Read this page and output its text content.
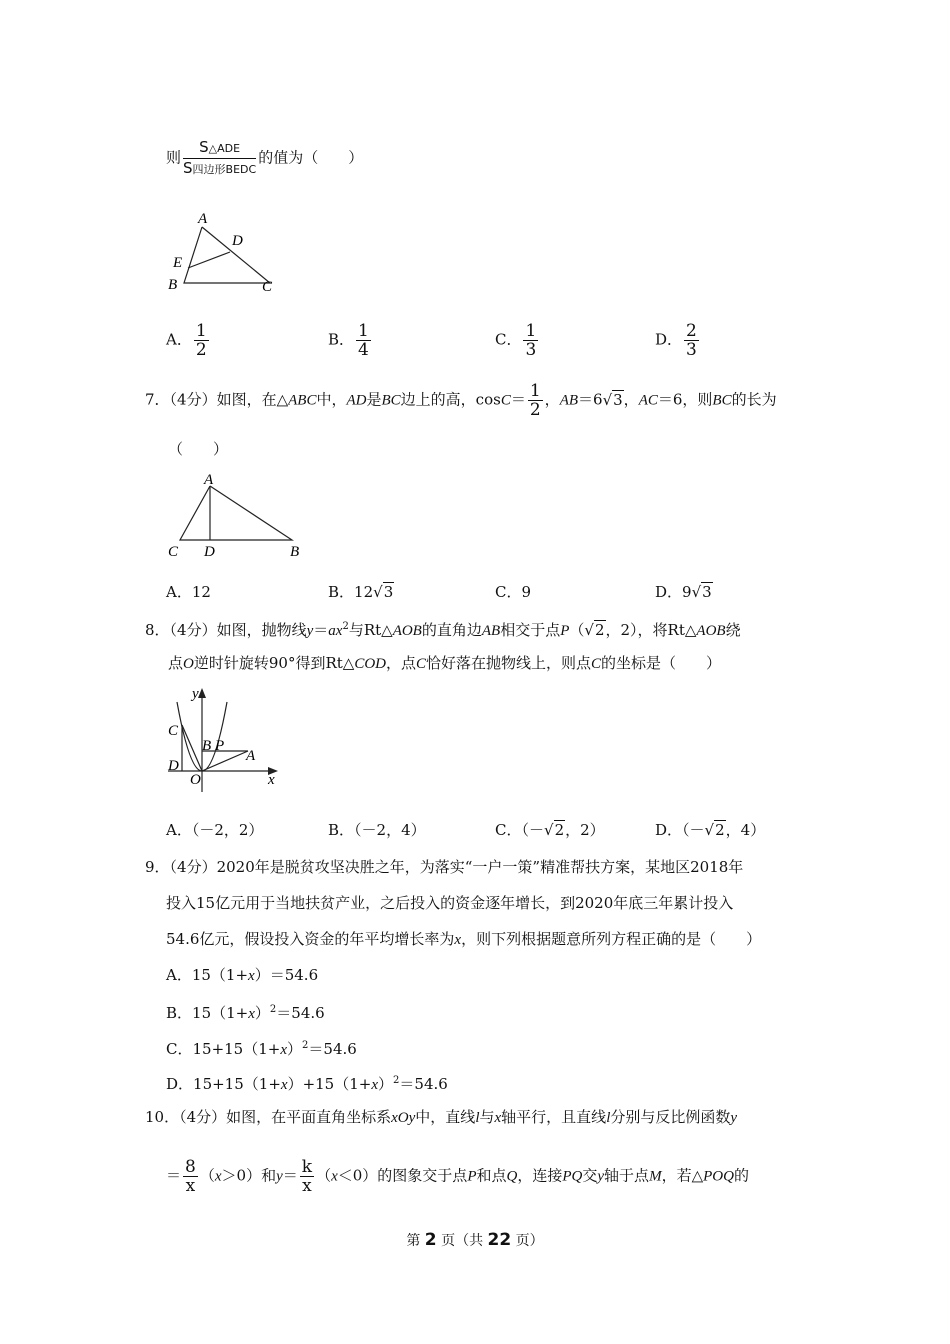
则 $\frac{\text{S△ADE}}{\text{S四边形BEDC}}$ 的值为（　　）
A
D
E
B	C
A． $\frac{1}{2}$	B． $\frac{1}{4}$	C． $\frac{1}{3}$	D． $\frac{2}{3}$
7．（4分）如图，在△ABC中，AD是BC边上的高，$\cos C= \frac{1}{2}$ ，AB＝6√3，AC＝6，则BC的长为
（　　）
A
C D	B
A．12	B．12√3	C．9	D．9√3
8．（4分）如图，抛物线$y=ax^2$与Rt△AOB的直角边AB相交于点P（√2，2），将Rt△AOB绕
点O逆时针旋转90°得到Rt△COD，点C恰好落在抛物线上，则点C的坐标是（　　）
y
C
B P
A
D
O	x
A．（－2，2）	B．（－2，4）	C．（－√2，2）	D．（－√2，4）
9．（4分）2020年是脱贫攻坚决胜之年，为落实“一户一策”精准帮扶方案，某地区2018年
投入15亿元用于当地扶贫产业，之后投入的资金逐年增长，到2020年底三年累计投入
54.6亿元，假设投入资金的年平均增长率为x，则下列根据题意所列方程正确的是（　　）
A．15（1+x）＝54.6
B．$15(1+x)^2=54.6$
C．$15+15(1+x)^2=54.6$
D．$15+15(1+x)+15(1+x)^2=54.6$
10．（4分）如图，在平面直角坐标系xOy中，直线l与x轴平行，且直线l分别与反比例函数y
＝ $\frac{8}{x} (x>0)$和$y= \frac{k}{x} (x<0)$的图象交于点P和点Q，连接PQ交y轴于点M，若△POQ的
第 2 页（共 22 页）
